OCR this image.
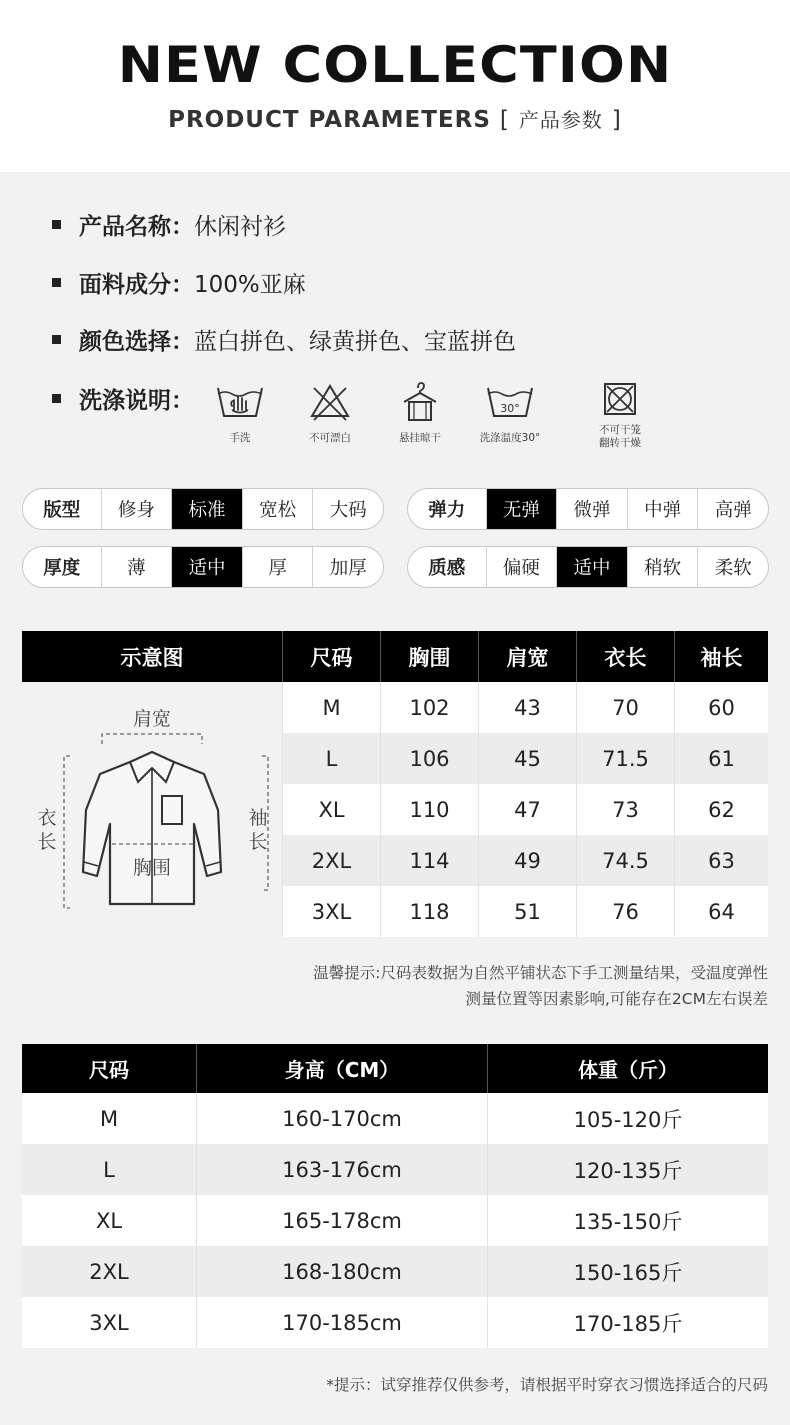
NEW COLLECTION
PRODUCT PARAMETERS [ 产品参数 ]
产品名称： 休闲衬衫
面料成分： 100%亚麻
颜色选择： 蓝白拼色、绿黄拼色、宝蓝拼色
洗涤说明：
手洗	不可漂白	悬挂晾干
30°
洗涤温度30°
不可干笼
翻转干燥
版型	修身	标准	宽松	大码	弹力	无弹	微弹	中弹	高弹
厚度	薄	适中	厚	加厚	质感	偏硬	适中	稍软	柔软
示意图	尺码	胸围	肩宽	衣长	袖长
肩宽
衣
长
袖
长
胸围
M	102	43	70	60
L	106	45	71.5	61
XL	110	47	73	62
2XL	114	49	74.5	63
3XL	118	51	76	64
温馨提示:尺码表数据为自然平铺状态下手工测量结果，受温度弹性
测量位置等因素影响,可能存在2CM左右误差
尺码	身高（CM）	体重（斤）
M	160-170cm	105-120斤
L	163-176cm	120-135斤
XL	165-178cm	135-150斤
2XL	168-180cm	150-165斤
3XL	170-185cm	170-185斤
*提示：试穿推荐仅供参考，请根据平时穿衣习惯选择适合的尺码
